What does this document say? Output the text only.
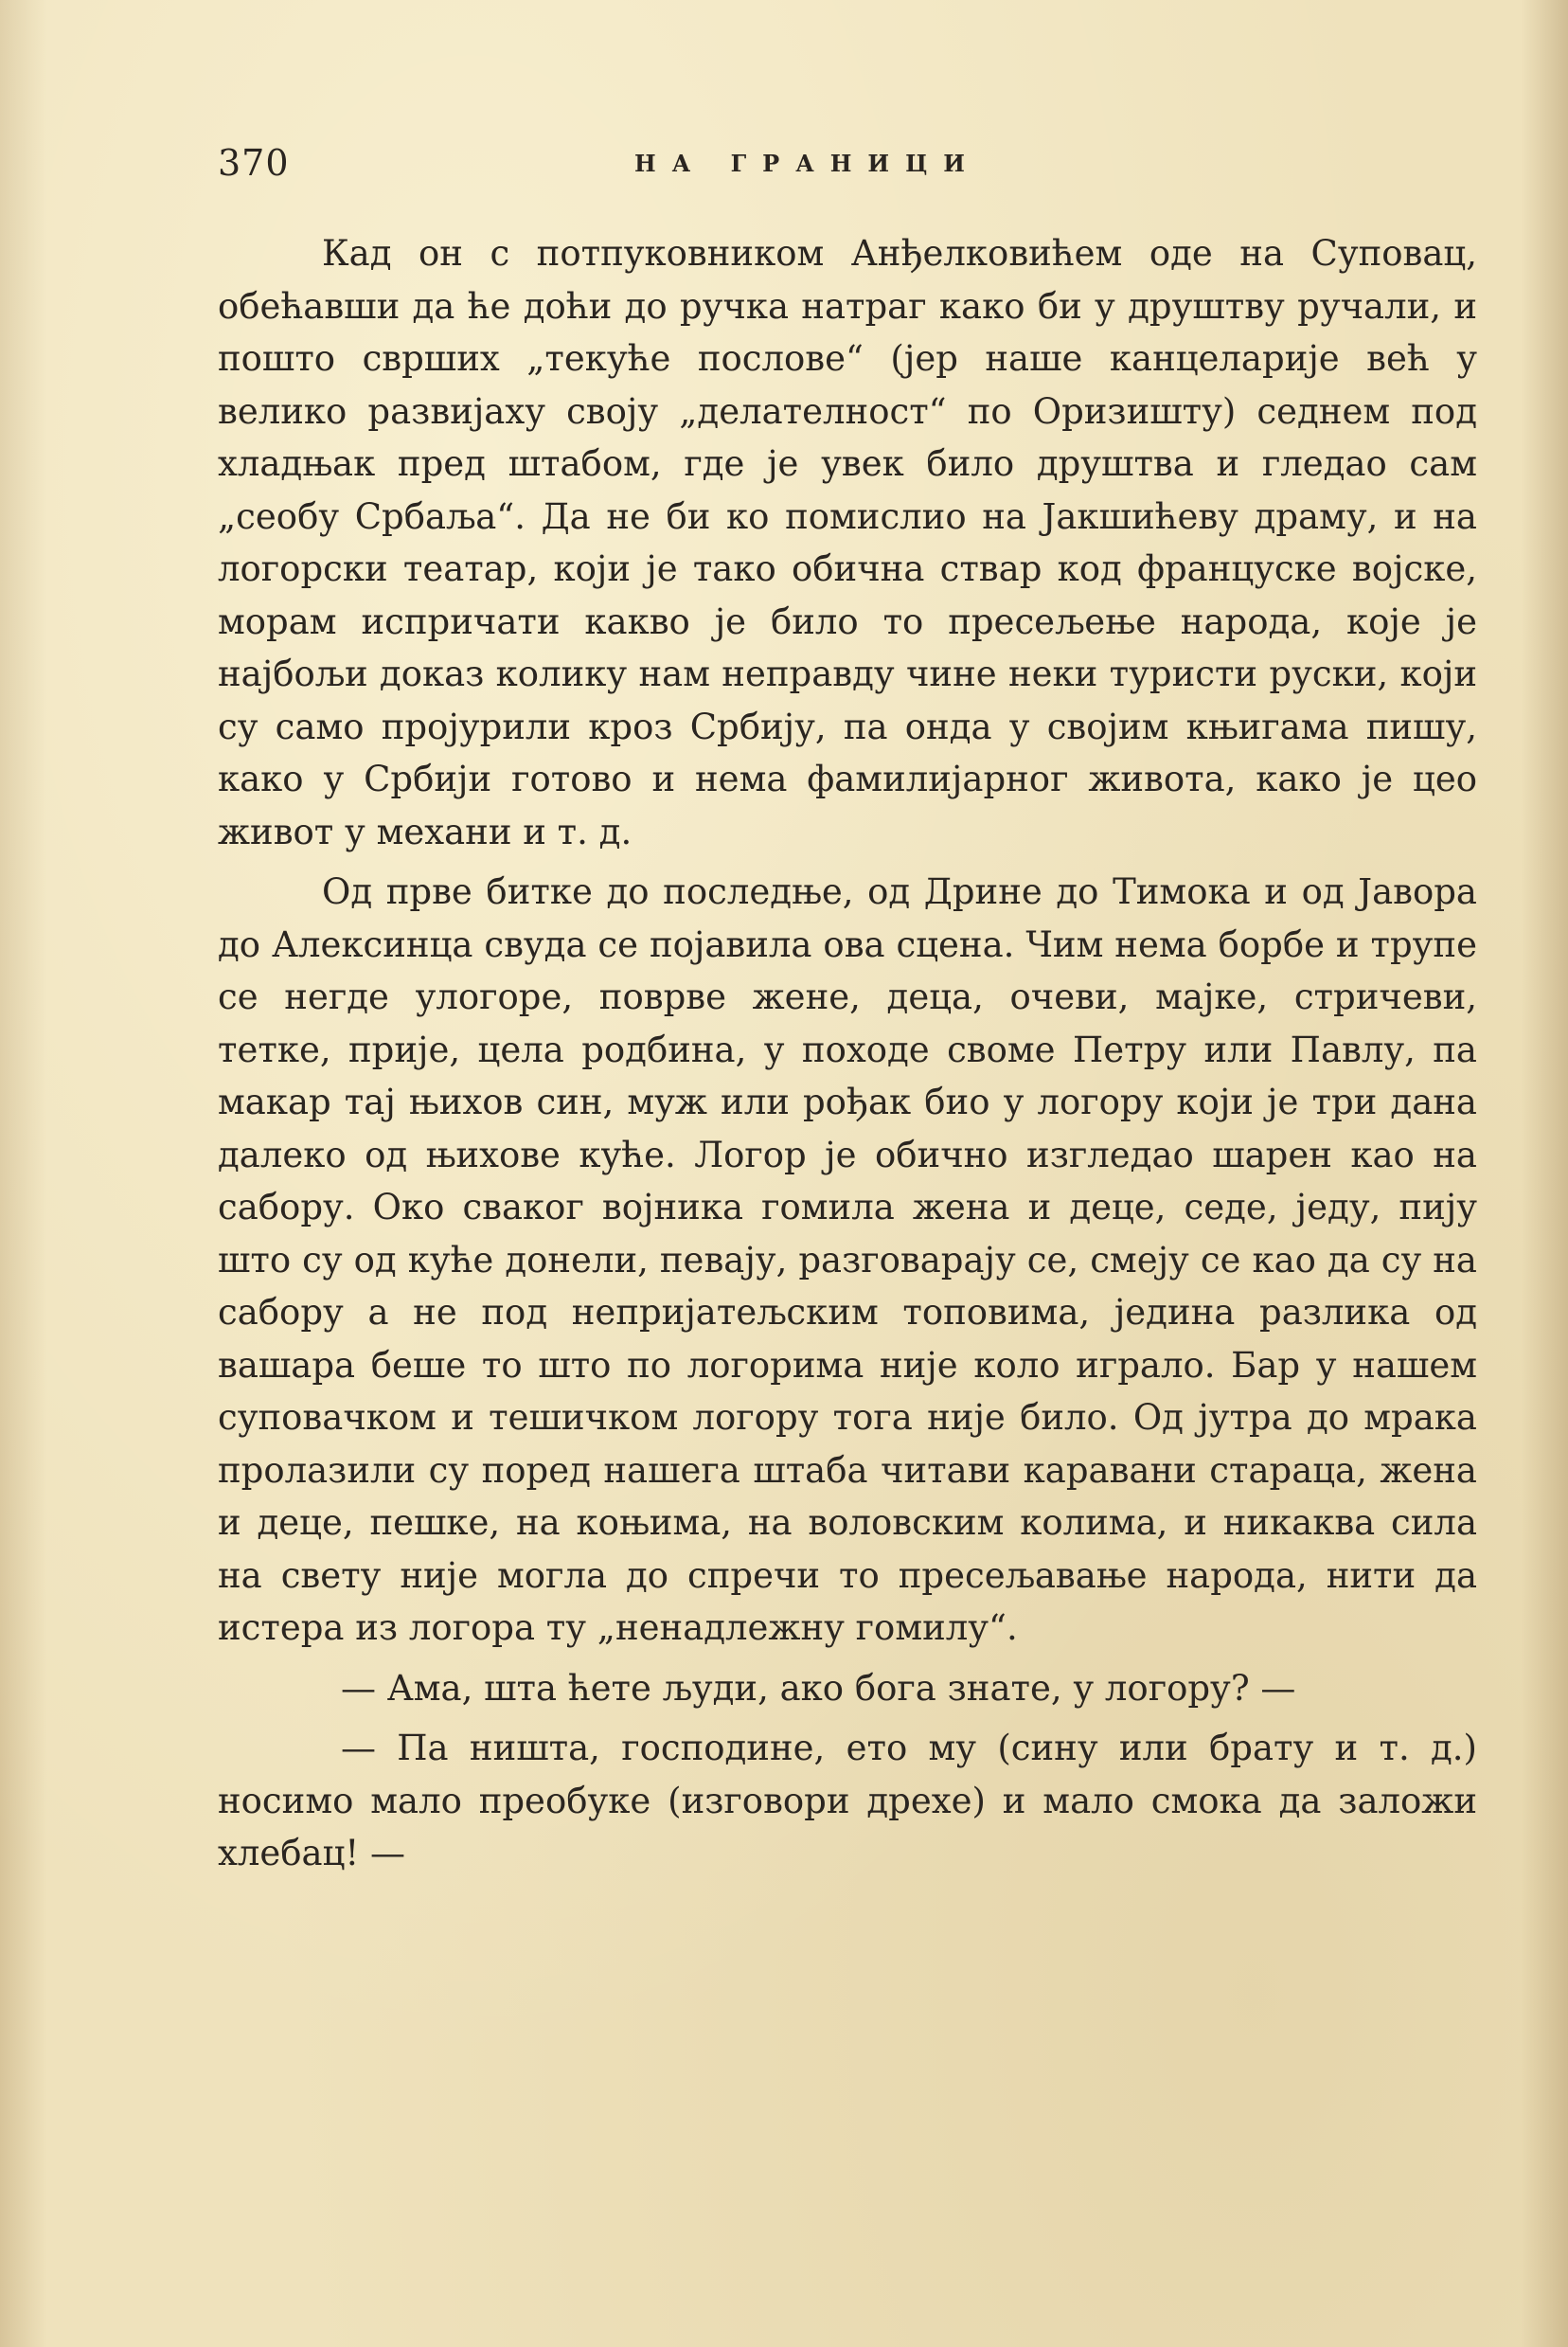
370	НА ГРАНИЦИ

Кад он с потпуковником Анђелковићем оде на Суповац, обећавши да ће доћи до ручка натраг како би у друштву ручали, и пошто сврших „текуће послове“ (јер наше канцеларије већ у велико развијаху своју „делателност“ по Оризишту) седнем под хладњак пред штабом, где је увек било друштва и гледао сам „сеобу Србаља“. Да не би ко помислио на Јакшићеву драму, и на логорски театар, који је тако обична ствар код француске војске, морам испричати какво је било то пресељење народа, које је најбољи доказ колику нам неправду чине неки туристи руски, који су само пројурили кроз Србију, па онда у својим књигама пишу, како у Србији готово и нема фамилијарног живота, како је цео живот у механи и т. д.

Од прве битке до последње, од Дрине до Тимока и од Јавора до Алексинца свуда се појавила ова сцена. Чим нема борбе и трупе се негде улогоре, поврве жене, деца, очеви, мајке, стричеви, тетке, прије, цела родбина, у походе своме Петру или Павлу, па макар тај њихов син, муж или рођак био у логору који је три дана далеко од њихове куће. Логор је обично изгледао шарен као на сабору. Око сваког војника гомила жена и деце, седе, једу, пију што су од куће донели, певају, разговарају се, смеју се као да су на сабору а не под непријатељским топовима, једина разлика од вашара беше то што по логорима није коло играло. Бар у нашем суповачком и тешичком логору тога није било. Од јутра до мрака пролазили су поред нашега штаба читави каравани стараца, жена и деце, пешке, на коњима, на воловским колима, и никаква сила на свету није могла до спречи то пресељавање народа, нити да истера из логора ту „ненадлежну гомилу“.

— Ама, шта ћете људи, ако бога знате, у логору? —

— Па ништа, господине, ето му (сину или брату и т. д.) носимо мало преобуке (изговори дрехе) и мало смока да заложи хлебац! —
